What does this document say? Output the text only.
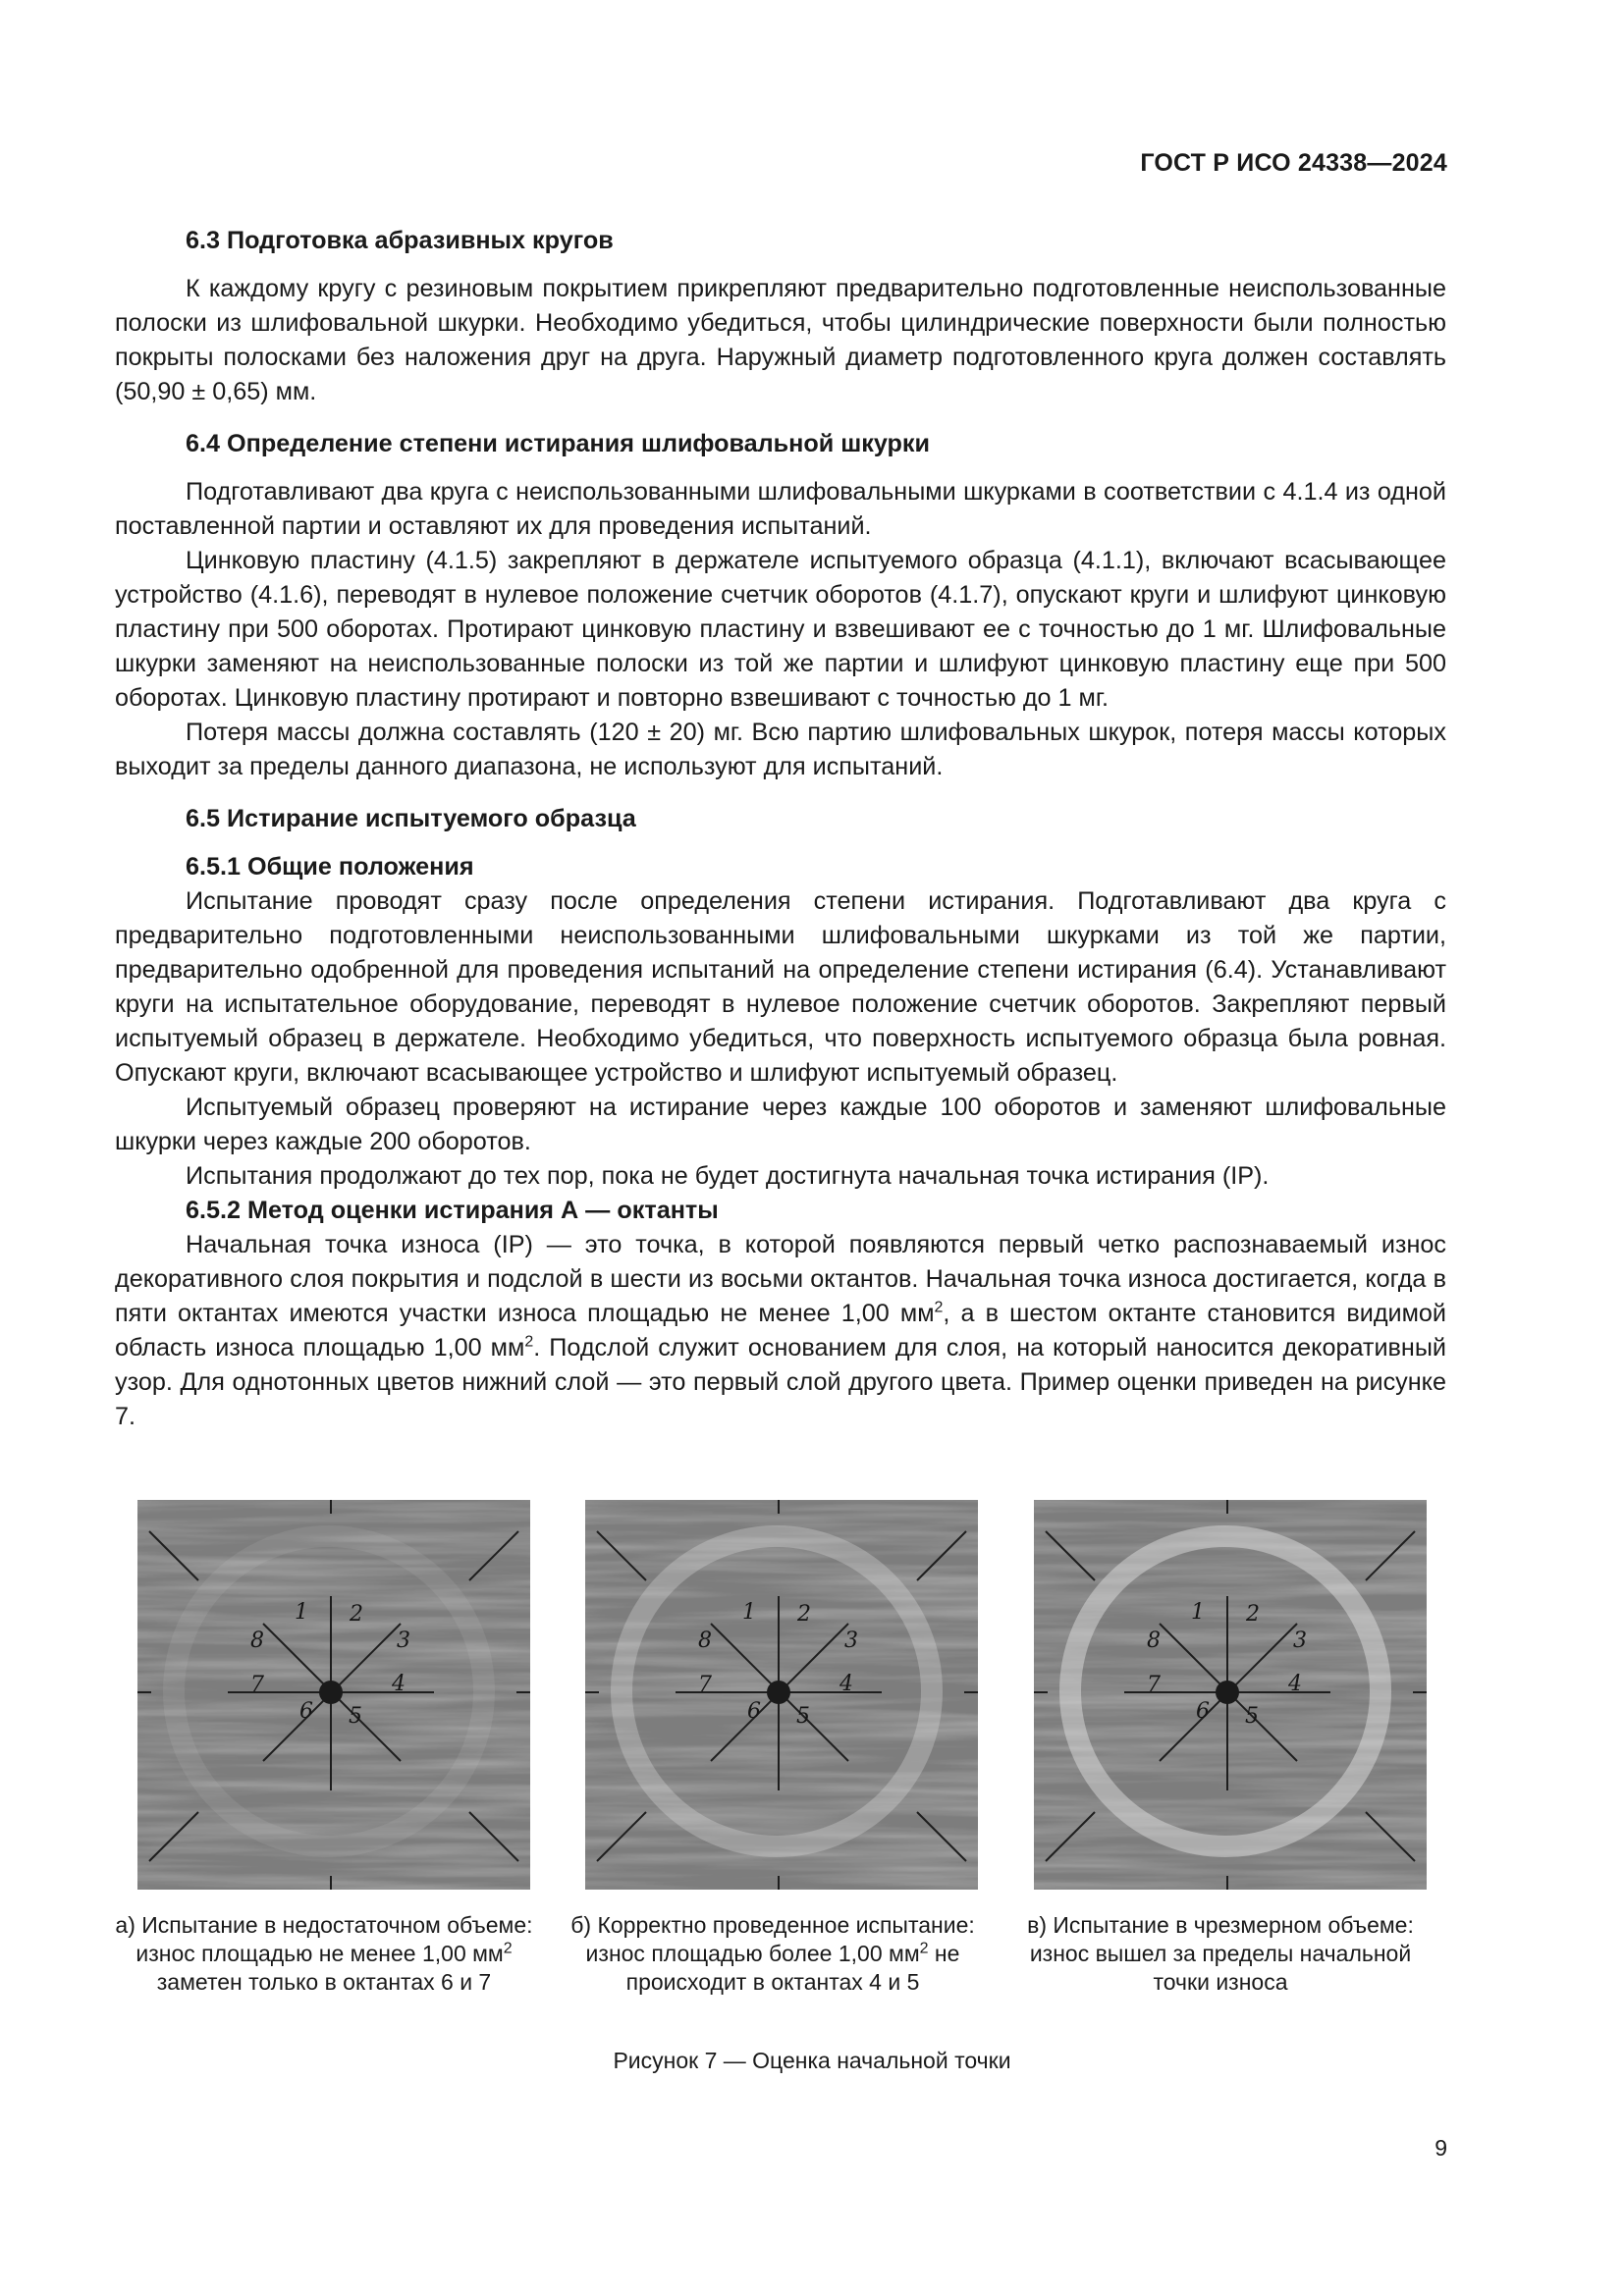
ГОСТ Р ИСО 24338—2024
6.3 Подготовка абразивных кругов

К каждому кругу с резиновым покрытием прикрепляют предварительно подготовленные неиспользованные полоски из шлифовальной шкурки. Необходимо убедиться, чтобы цилиндрические поверхности были полностью покрыты полосками без наложения друг на друга. Наружный диаметр подготовленного круга должен составлять (50,90 ± 0,65) мм.

6.4 Определение степени истирания шлифовальной шкурки

Подготавливают два круга с неиспользованными шлифовальными шкурками в соответствии с 4.1.4 из одной поставленной партии и оставляют их для проведения испытаний.

Цинковую пластину (4.1.5) закрепляют в держателе испытуемого образца (4.1.1), включают всасывающее устройство (4.1.6), переводят в нулевое положение счетчик оборотов (4.1.7), опускают круги и шлифуют цинковую пластину при 500 оборотах. Протирают цинковую пластину и взвешивают ее с точностью до 1 мг. Шлифовальные шкурки заменяют на неиспользованные полоски из той же партии и шлифуют цинковую пластину еще при 500 оборотах. Цинковую пластину протирают и повторно взвешивают с точностью до 1 мг.

Потеря массы должна составлять (120 ± 20) мг. Всю партию шлифовальных шкурок, потеря массы которых выходит за пределы данного диапазона, не используют для испытаний.

6.5 Истирание испытуемого образца
6.5.1 Общие положения

Испытание проводят сразу после определения степени истирания. Подготавливают два круга с предварительно подготовленными неиспользованными шлифовальными шкурками из той же партии, предварительно одобренной для проведения испытаний на определение степени истирания (6.4). Устанавливают круги на испытательное оборудование, переводят в нулевое положение счетчик оборотов. Закрепляют первый испытуемый образец в держателе. Необходимо убедиться, что поверхность испытуемого образца была ровная. Опускают круги, включают всасывающее устройство и шлифуют испытуемый образец.

Испытуемый образец проверяют на истирание через каждые 100 оборотов и заменяют шлифовальные шкурки через каждые 200 оборотов.

Испытания продолжают до тех пор, пока не будет достигнута начальная точка истирания (IP).

6.5.2 Метод оценки истирания А — октанты

Начальная точка износа (IP) — это точка, в которой появляются первый четко распознаваемый износ декоративного слоя покрытия и подслой в шести из восьми октантов. Начальная точка износа достигается, когда в пяти октантах имеются участки износа площадью не менее 1,00 $мм^2$, а в шестом октанте становится видимой область износа площадью 1,00 $мм^2$. Подслой служит основанием для слоя, на который наносится декоративный узор. Для однотонных цветов нижний слой — это первый слой другого цвета. Пример оценки приведен на рисунке 7.

1 2
3
4
5
6
7
8
1 2
3
4
5
6
7
8
1 2
3
4
5
6
7
8
а) Испытание в недостаточном объеме: износ площадью не менее 1,00 $мм^2$ заметен только в октантах 6 и 7
б) Корректно проведенное испытание: износ площадью более 1,00 $мм^2$ не происходит в октантах 4 и 5
в) Испытание в чрезмерном объеме: износ вышел за пределы начальной точки износа
Рисунок 7 — Оценка начальной точки
9
